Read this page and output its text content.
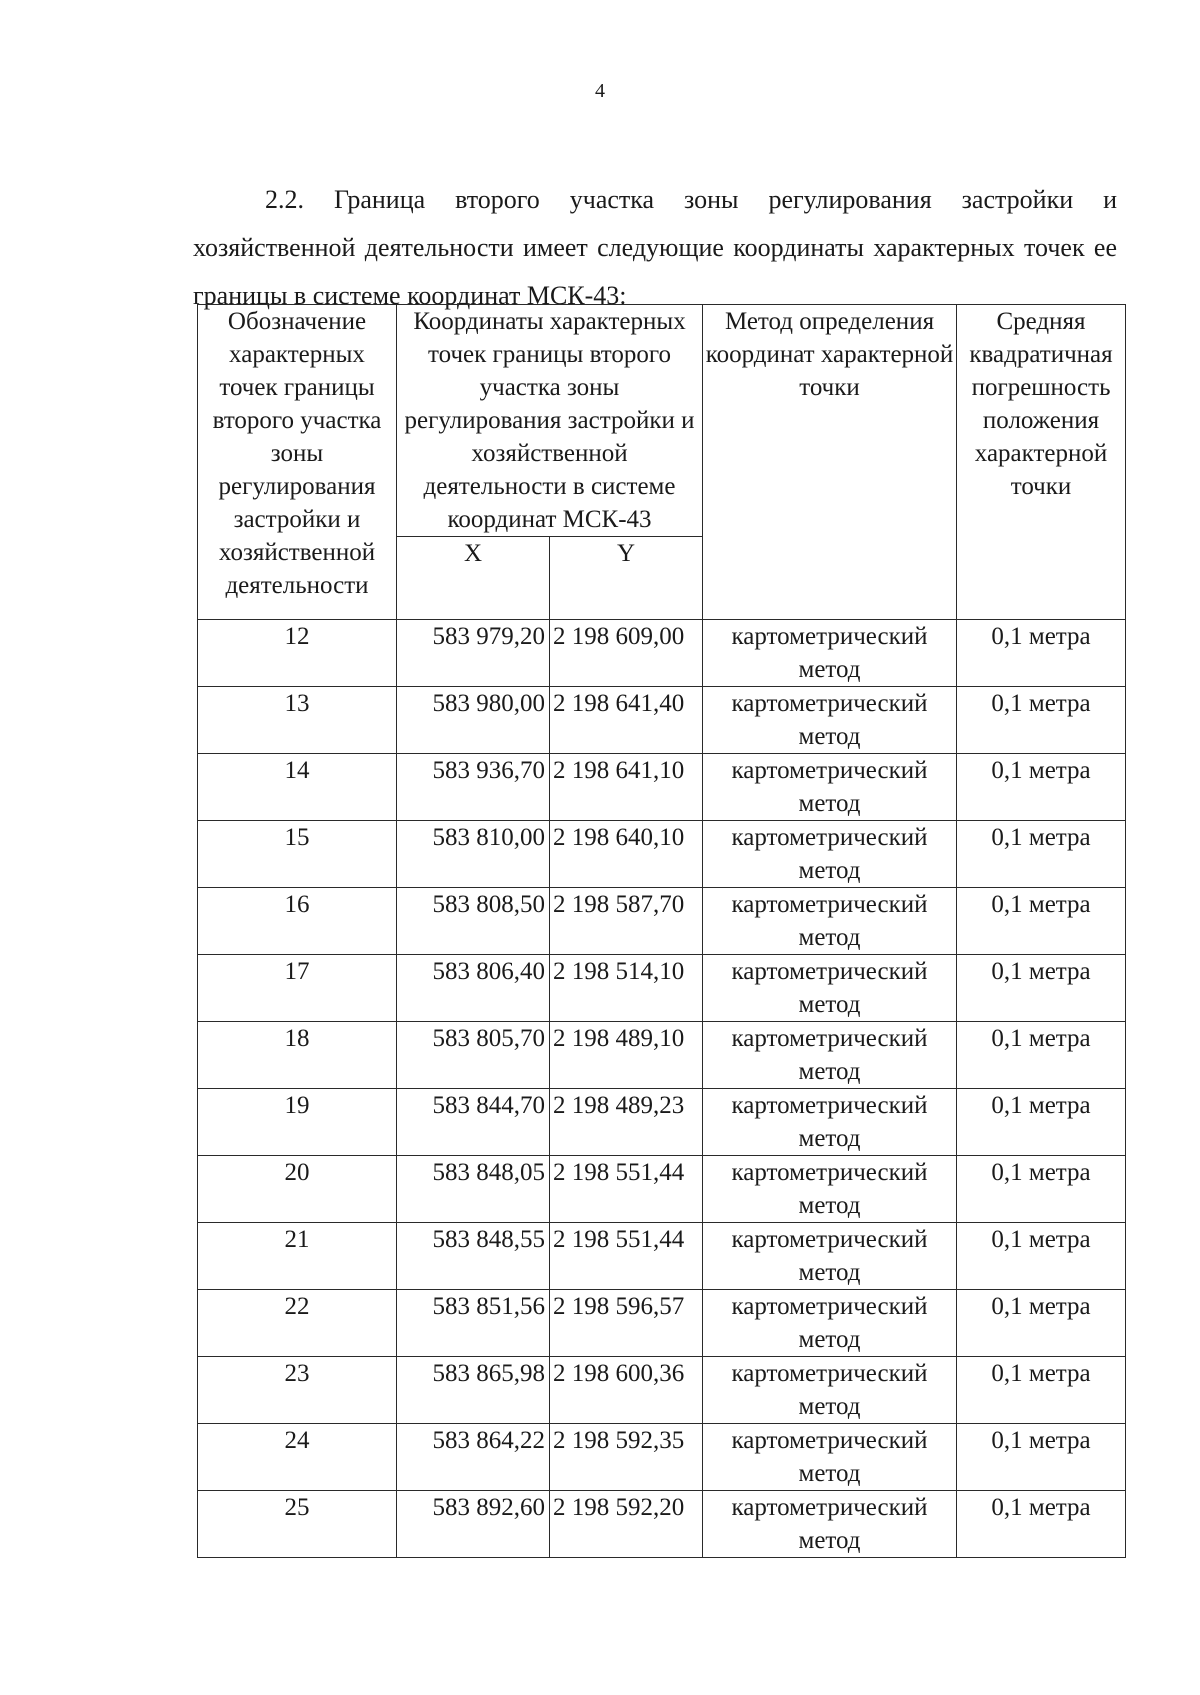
4

2.2. Граница второго участка зоны регулирования застройки и хозяйственной деятельности имеет следующие координаты характерных точек ее границы в системе координат МСК-43:

Обозначение характерных точек границы второго участка зоны регулирования застройки и хозяйственной деятельности	Координаты характерных точек границы второго участка зоны регулирования застройки и хозяйственной деятельности в системе координат МСК-43		Метод определения координат характерной точки	Средняя квадратичная погрешность положения характерной точки
	X	Y		
12	583 979,20	2 198 609,00	картометрический метод	0,1 метра
13	583 980,00	2 198 641,40	картометрический метод	0,1 метра
14	583 936,70	2 198 641,10	картометрический метод	0,1 метра
15	583 810,00	2 198 640,10	картометрический метод	0,1 метра
16	583 808,50	2 198 587,70	картометрический метод	0,1 метра
17	583 806,40	2 198 514,10	картометрический метод	0,1 метра
18	583 805,70	2 198 489,10	картометрический метод	0,1 метра
19	583 844,70	2 198 489,23	картометрический метод	0,1 метра
20	583 848,05	2 198 551,44	картометрический метод	0,1 метра
21	583 848,55	2 198 551,44	картометрический метод	0,1 метра
22	583 851,56	2 198 596,57	картометрический метод	0,1 метра
23	583 865,98	2 198 600,36	картометрический метод	0,1 метра
24	583 864,22	2 198 592,35	картометрический метод	0,1 метра
25	583 892,60	2 198 592,20	картометрический метод	0,1 метра
